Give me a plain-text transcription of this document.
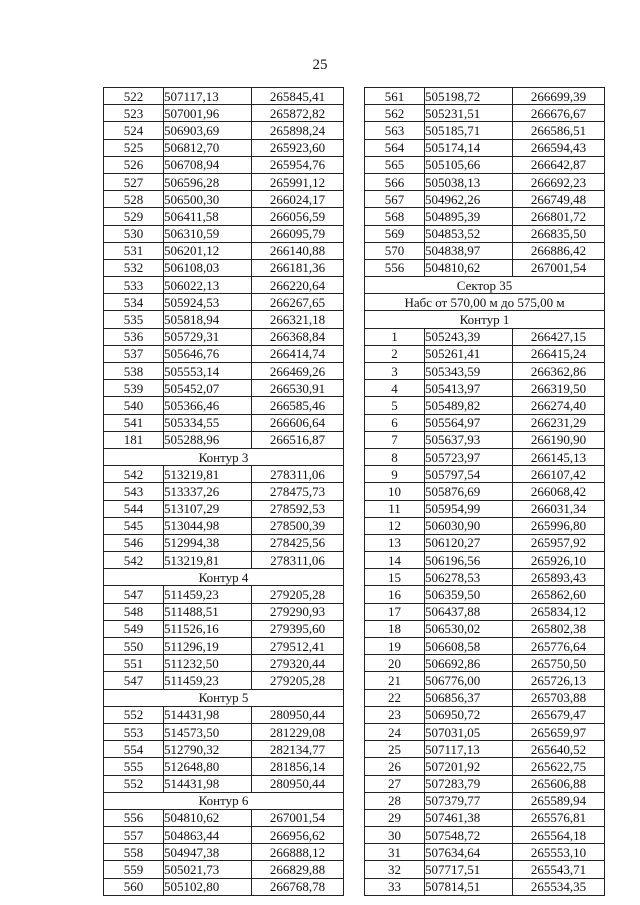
25
522	507117,13	265845,41
523	507001,96	265872,82
524	506903,69	265898,24
525	506812,70	265923,60
526	506708,94	265954,76
527	506596,28	265991,12
528	506500,30	266024,17
529	506411,58	266056,59
530	506310,59	266095,79
531	506201,12	266140,88
532	506108,03	266181,36
533	506022,13	266220,64
534	505924,53	266267,65
535	505818,94	266321,18
536	505729,31	266368,84
537	505646,76	266414,74
538	505553,14	266469,26
539	505452,07	266530,91
540	505366,46	266585,46
541	505334,55	266606,64
181	505288,96	266516,87
Контур 3		
542	513219,81	278311,06
543	513337,26	278475,73
544	513107,29	278592,53
545	513044,98	278500,39
546	512994,38	278425,56
542	513219,81	278311,06
Контур 4		
547	511459,23	279205,28
548	511488,51	279290,93
549	511526,16	279395,60
550	511296,19	279512,41
551	511232,50	279320,44
547	511459,23	279205,28
Контур 5		
552	514431,98	280950,44
553	514573,50	281229,08
554	512790,32	282134,77
555	512648,80	281856,14
552	514431,98	280950,44
Контур 6		
556	504810,62	267001,54
557	504863,44	266956,62
558	504947,38	266888,12
559	505021,73	266829,88
560	505102,80	266768,78
561	505198,72	266699,39
562	505231,51	266676,67
563	505185,71	266586,51
564	505174,14	266594,43
565	505105,66	266642,87
566	505038,13	266692,23
567	504962,26	266749,48
568	504895,39	266801,72
569	504853,52	266835,50
570	504838,97	266886,42
556	504810,62	267001,54
Сектор 35		
Набс от 570,00 м до 575,00 м		
Контур 1		
1	505243,39	266427,15
2	505261,41	266415,24
3	505343,59	266362,86
4	505413,97	266319,50
5	505489,82	266274,40
6	505564,97	266231,29
7	505637,93	266190,90
8	505723,97	266145,13
9	505797,54	266107,42
10	505876,69	266068,42
11	505954,99	266031,34
12	506030,90	265996,80
13	506120,27	265957,92
14	506196,56	265926,10
15	506278,53	265893,43
16	506359,50	265862,60
17	506437,88	265834,12
18	506530,02	265802,38
19	506608,58	265776,64
20	506692,86	265750,50
21	506776,00	265726,13
22	506856,37	265703,88
23	506950,72	265679,47
24	507031,05	265659,97
25	507117,13	265640,52
26	507201,92	265622,75
27	507283,79	265606,88
28	507379,77	265589,94
29	507461,38	265576,81
30	507548,72	265564,18
31	507634,64	265553,10
32	507717,51	265543,71
33	507814,51	265534,35
